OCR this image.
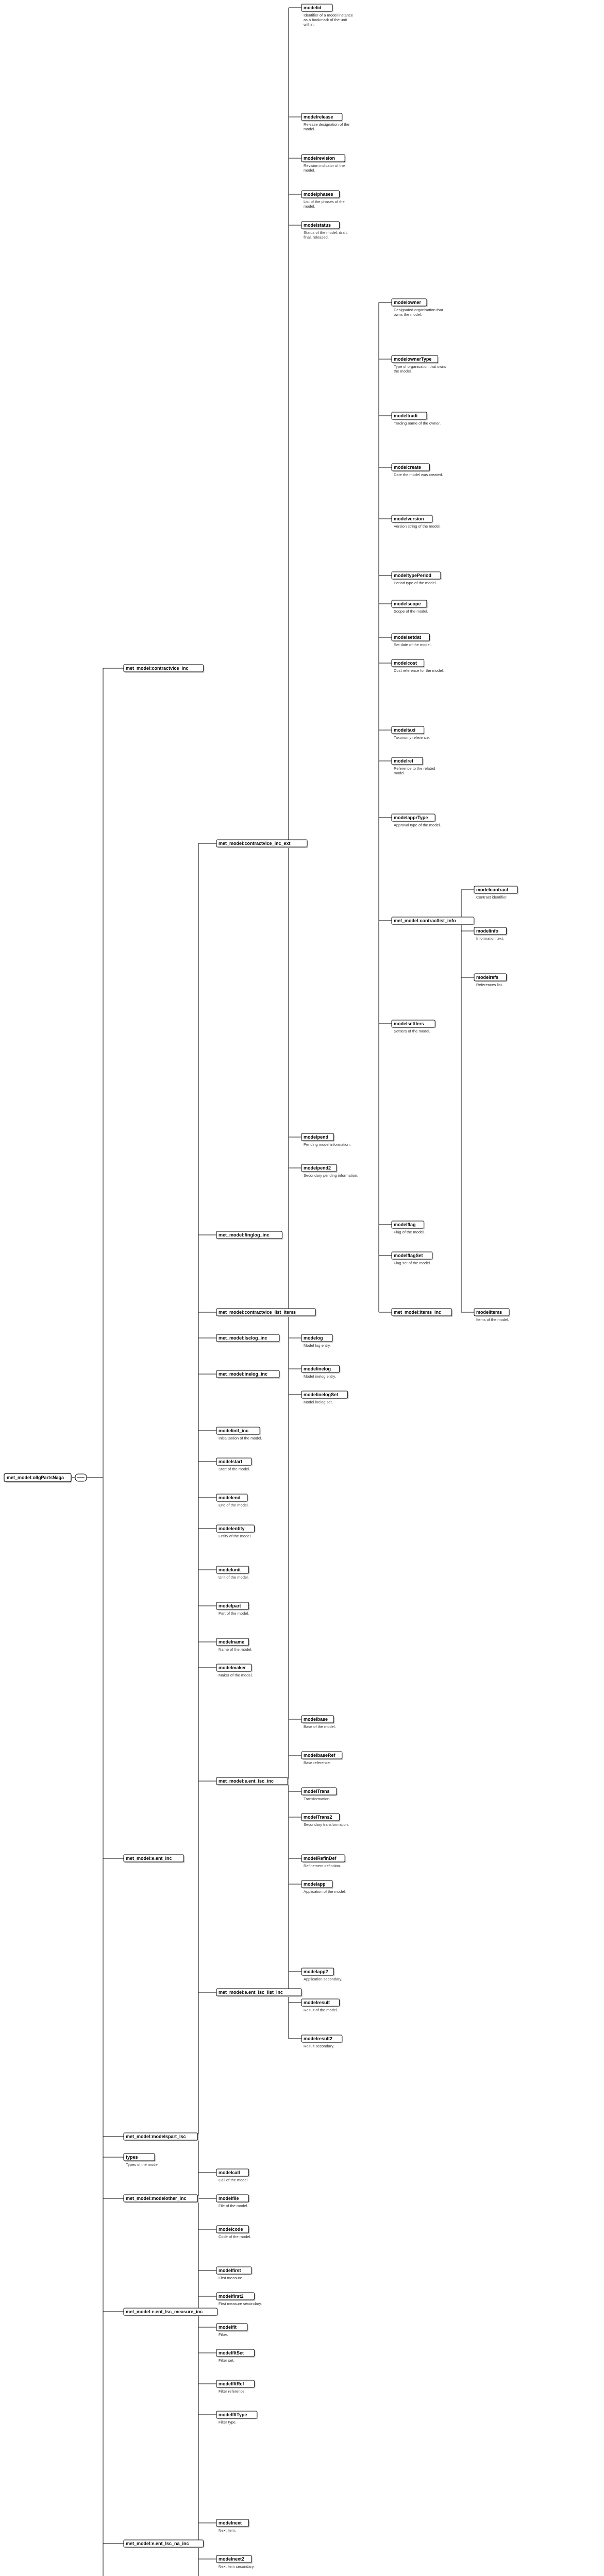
met_model:ollgPartsNaga
met_model:contractvice_inc
modelid
Identifier of a model instance
as a bookmark of the unit
within.
modelrelease
Release designation of the
model.
modelrevision
Revision indicator of the
model.
modelphases
List of the phases of the
model.
modelstatus
Status of the model: draft,
final, released.
met_model:contractvice_inc_ext
modelowner
Designated organisation that
owns the model.
modelownerType
Type of organisation that owns
the model.
modeltradi
Trading name of the owner.
modelcreate
Date the model was created.
modelversion
Version string of the model.
modeltypePeriod
Period type of the model.
modelscope
Scope of the model.
modelsetdat
Set date of the model.
modelcost
Cost reference for the model.
modeltaxi
Taxonomy reference.
modelref
Reference to the related
model.
modelapprType
Approval type of the model.
met_model:contractlist_info
modelcontract
Contract identifier.
modelinfo
Information text.
modelrefs
References list.
modelsettlers
Settlers of the model.
modelpend
Pending model information.
modelpend2
Secondary pending information.
met_model:finglog_inc
modelflag
Flag of the model.
modelflagSet
Flag set of the model.
met_model:contractvice_list_items	met_model:items_inc	modelitems
Items of the model.
met_model:e.ent_inc
met_model:lsclog_inc	modelog
Model log entry.
met_model:inelog_inc
modelinelog
Model inelog entry.
modelinelogSet
Model inelog set.
modelinit_inc
Initialisation of the model.
modelstart
Start of the model.
modelend
End of the model.
modelentity
Entity of the model.
modelunit
Unit of the model.
modelpart
Part of the model.
modelname
Name of the model.
modelmaker
Maker of the model.
met_model:e.ent_lsc_inc
modelbase
Base of the model.
modelbaseRef
Base reference.
modelTrans
Transformation.
modelTrans2
Secondary transformation.
modelRefinDef
Refinement definition.
modelapp
Application of the model.
met_model:e.ent_lsc_list_inc
modelapp2
Application secondary.
modelresult
Result of the model.
modelresult2
Result secondary.
met_model:modelspart_lsc
types
Types of the model.
met_model:modelother_inc
modelcall
Call of the model.
modelfile
File of the model.
modelcode
Code of the model.
met_model:e.ent_lsc_measure_inc
modelfirst
First measure.
modelfirst2
First measure secondary.
modelflt
Filter.
modelfltSet
Filter set.
modelfltRef
Filter reference.
modelfltType
Filter type.
met_model:e.ent_lsc_na_inc
modelnext
Next item.
modelnext2
Next item secondary.
